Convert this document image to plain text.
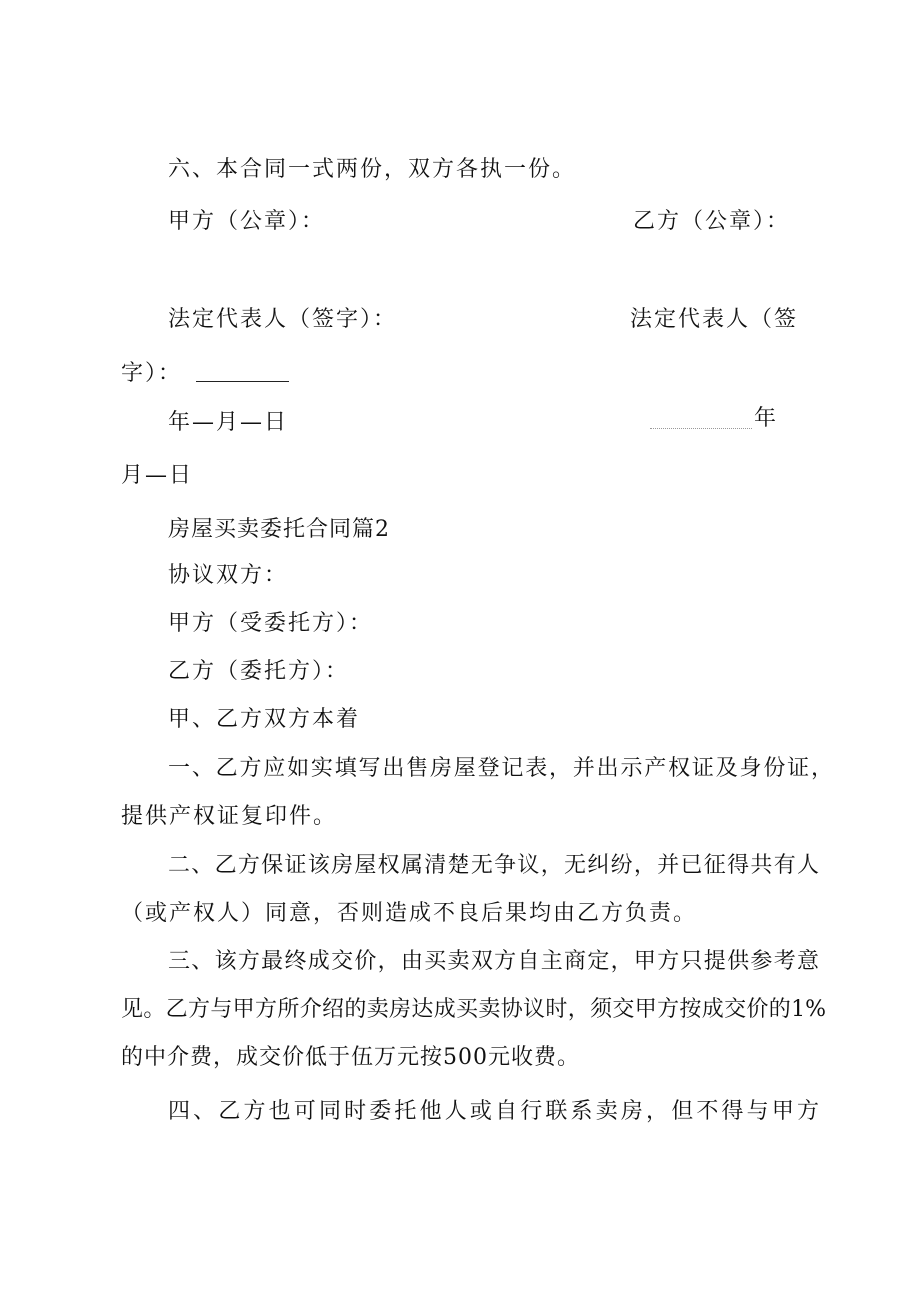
六、本合同一式两份，双方各执一份。
甲方（公章）：	乙方（公章）：
法定代表人（签字）：	法定代表人（签
字）：
年—月—日	年
月—日
房屋买卖委托合同篇2
协议双方：
甲方（受委托方）：
乙方（委托方）：
甲、乙方双方本着
一、乙方应如实填写出售房屋登记表，并出示产权证及身份证，
提供产权证复印件。
二、乙方保证该房屋权属清楚无争议，无纠纷，并已征得共有人
（或产权人）同意，否则造成不良后果均由乙方负责。
三、该方最终成交价，由买卖双方自主商定，甲方只提供参考意
见。乙方与甲方所介绍的卖房达成买卖协议时，须交甲方按成交价的1%
的中介费，成交价低于伍万元按500元收费。
四、乙方也可同时委托他人或自行联系卖房，但不得与甲方
